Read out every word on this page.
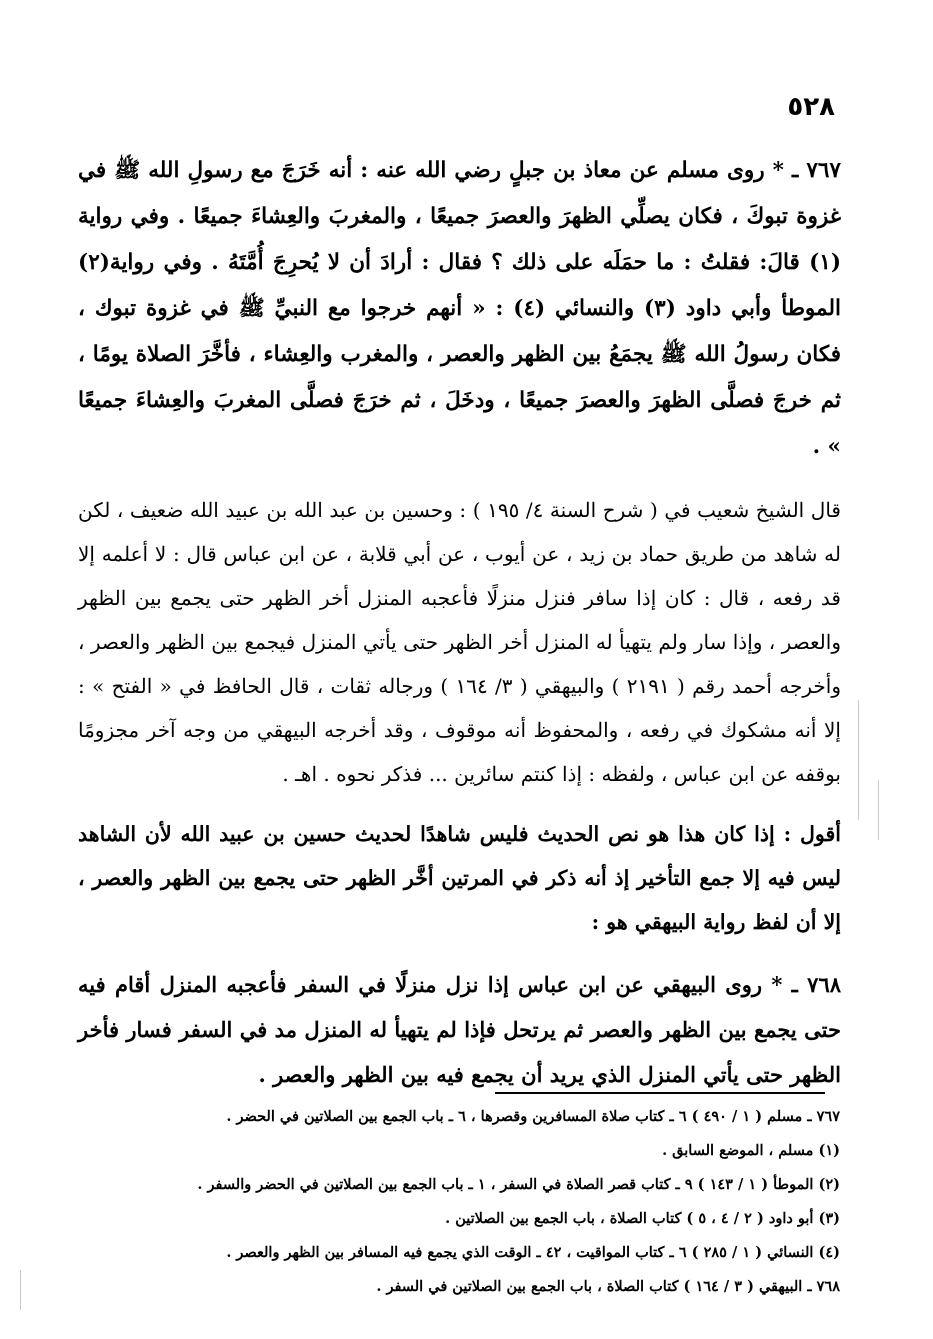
٥٢٨

٧٦٧ ـ * روى مسلم عن معاذ بن جبلٍ رضي الله عنه : أنه خَرَجَ مع رسولِ الله ﷺ في غزوة تبوكَ ، فكان يصلِّي الظهرَ والعصرَ جميعًا ، والمغربَ والعِشاءَ جميعًا . وفي رواية (١) قالَ: فقلتُ : ما حمَلَه على ذلك ؟ فقال : أرادَ أن لا يُحرِجَ أُمَّتَهُ . وفي رواية(٢) الموطأ وأبي داود (٣) والنسائي (٤) : « أنهم خرجوا مع النبيِّ ﷺ في غزوة تبوك ، فكان رسولُ الله ﷺ يجمَعُ بين الظهر والعصر ، والمغرب والعِشاء ، فأخَّرَ الصلاة يومًا ، ثم خرجَ فصلَّى الظهرَ والعصرَ جميعًا ، ودخَلَ ، ثم خرَجَ فصلَّى المغربَ والعِشاءَ جميعًا » .

قال الشيخ شعيب في ( شرح السنة ٤/ ١٩٥ ) : وحسين بن عبد الله بن عبيد الله ضعيف ، لكن له شاهد من طريق حماد بن زيد ، عن أيوب ، عن أبي قلابة ، عن ابن عباس قال : لا أعلمه إلا قد رفعه ، قال : كان إذا سافر فنزل منزلًا فأعجبه المنزل أخر الظهر حتى يجمع بين الظهر والعصر ، وإذا سار ولم يتهيأ له المنزل أخر الظهر حتى يأتي المنزل فيجمع بين الظهر والعصر ، وأخرجه أحمد رقم ( ٢١٩١ ) والبيهقي ( ٣/ ١٦٤ ) ورجاله ثقات ، قال الحافظ في « الفتح » : إلا أنه مشكوك في رفعه ، والمحفوظ أنه موقوف ، وقد أخرجه البيهقي من وجه آخر مجزومًا بوقفه عن ابن عباس ، ولفظه : إذا كنتم سائرين ... فذكر نحوه . اهـ .

أقول : إذا كان هذا هو نص الحديث فليس شاهدًا لحديث حسين بن عبيد الله لأن الشاهد ليس فيه إلا جمع التأخير إذ أنه ذكر في المرتين أخَّر الظهر حتى يجمع بين الظهر والعصر ، إلا أن لفظ رواية البيهقي هو :

٧٦٨ ـ * روى البيهقي عن ابن عباس إذا نزل منزلًا في السفر فأعجبه المنزل أقام فيه حتى يجمع بين الظهر والعصر ثم يرتحل فإذا لم يتهيأ له المنزل مد في السفر فسار فأخر الظهر حتى يأتي المنزل الذي يريد أن يجمع فيه بين الظهر والعصر .

٧٦٧ ـ مسلم ( ١ / ٤٩٠ ) ٦ ـ كتاب صلاة المسافرين وقصرها ، ٦ ـ باب الجمع بين الصلاتين في الحضر .
(١) مسلم ، الموضع السابق .
(٢) الموطأ ( ١ / ١٤٣ ) ٩ ـ كتاب قصر الصلاة في السفر ، ١ ـ باب الجمع بين الصلاتين في الحضر والسفر .
(٣) أبو داود ( ٢ / ٤ ، ٥ ) كتاب الصلاة ، باب الجمع بين الصلاتين .
(٤) النسائي ( ١ / ٢٨٥ ) ٦ ـ كتاب المواقيت ، ٤٢ ـ الوقت الذي يجمع فيه المسافر بين الظهر والعصر .
٧٦٨ ـ البيهقي ( ٣ / ١٦٤ ) كتاب الصلاة ، باب الجمع بين الصلاتين في السفر .
